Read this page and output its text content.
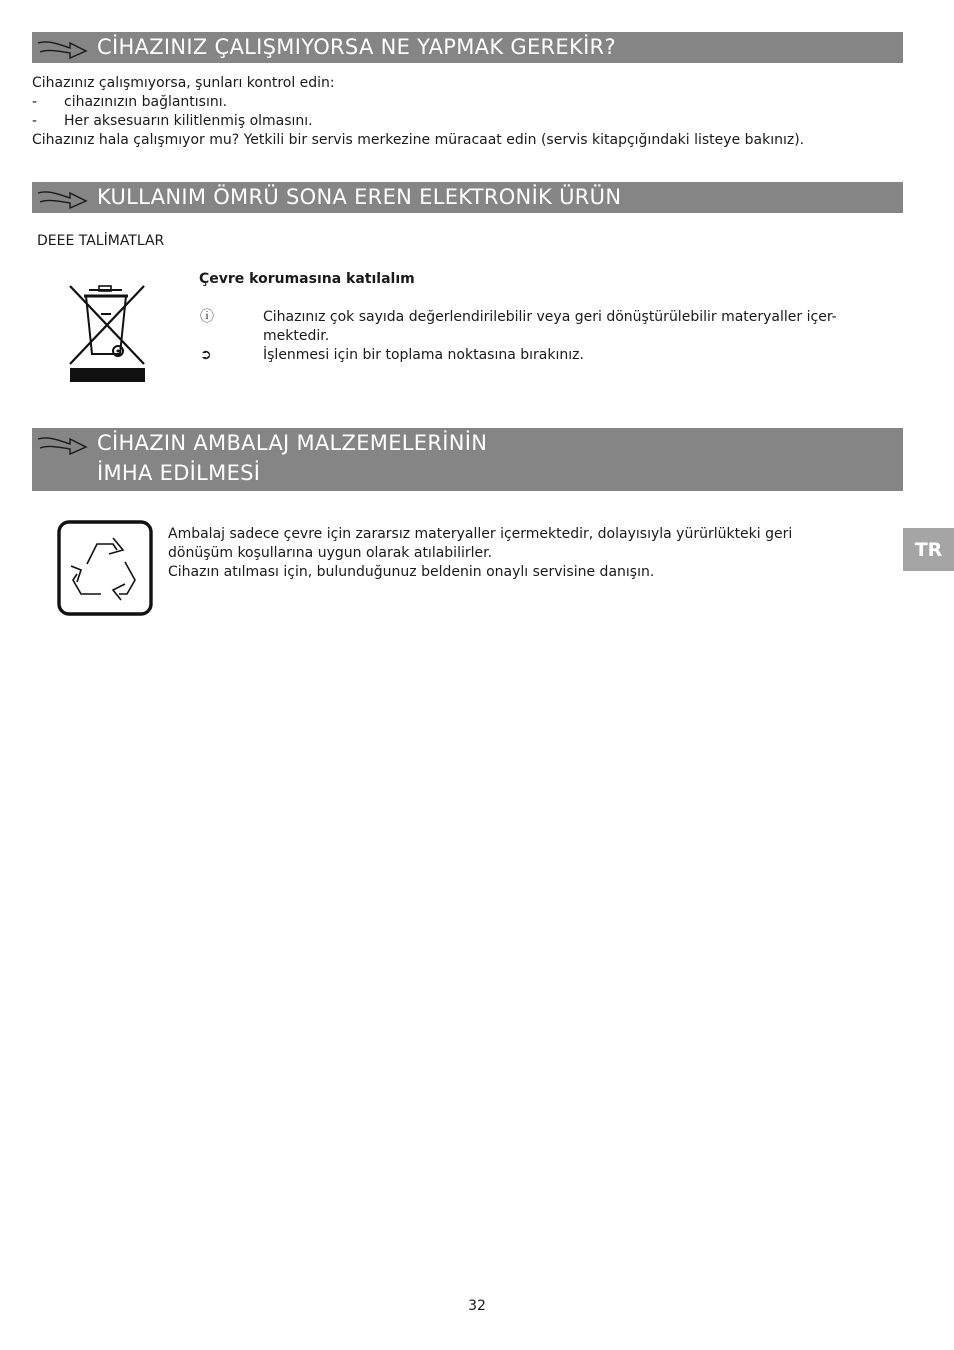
CİHAZINIZ ÇALIŞMIYORSA NE YAPMAK GEREKİR?
Cihazınız çalışmıyorsa, şunları kontrol edin:
- cihazınızın bağlantısını.
- Her aksesuarın kilitlenmiş olmasını.
Cihazınız hala çalışmıyor mu? Yetkili bir servis merkezine müracaat edin (servis kitapçığındaki listeye bakınız).
KULLANIM ÖMRÜ SONA EREN ELEKTRONİK ÜRÜN
DEEE TALİMATLAR
Çevre korumasına katılalım
ⓘ	Cihazınız çok sayıda değerlendirilebilir veya geri dönüştürülebilir materyaller içer-
mektedir.
➲	İşlenmesi için bir toplama noktasına bırakınız.
CİHAZIN AMBALAJ MALZEMELERİNİN
İMHA EDİLMESİ
Ambalaj sadece çevre için zararsız materyaller içermektedir, dolayısıyla yürürlükteki geri
dönüşüm koşullarına uygun olarak atılabilirler.
Cihazın atılması için, bulunduğunuz beldenin onaylı servisine danışın.
TR
32
